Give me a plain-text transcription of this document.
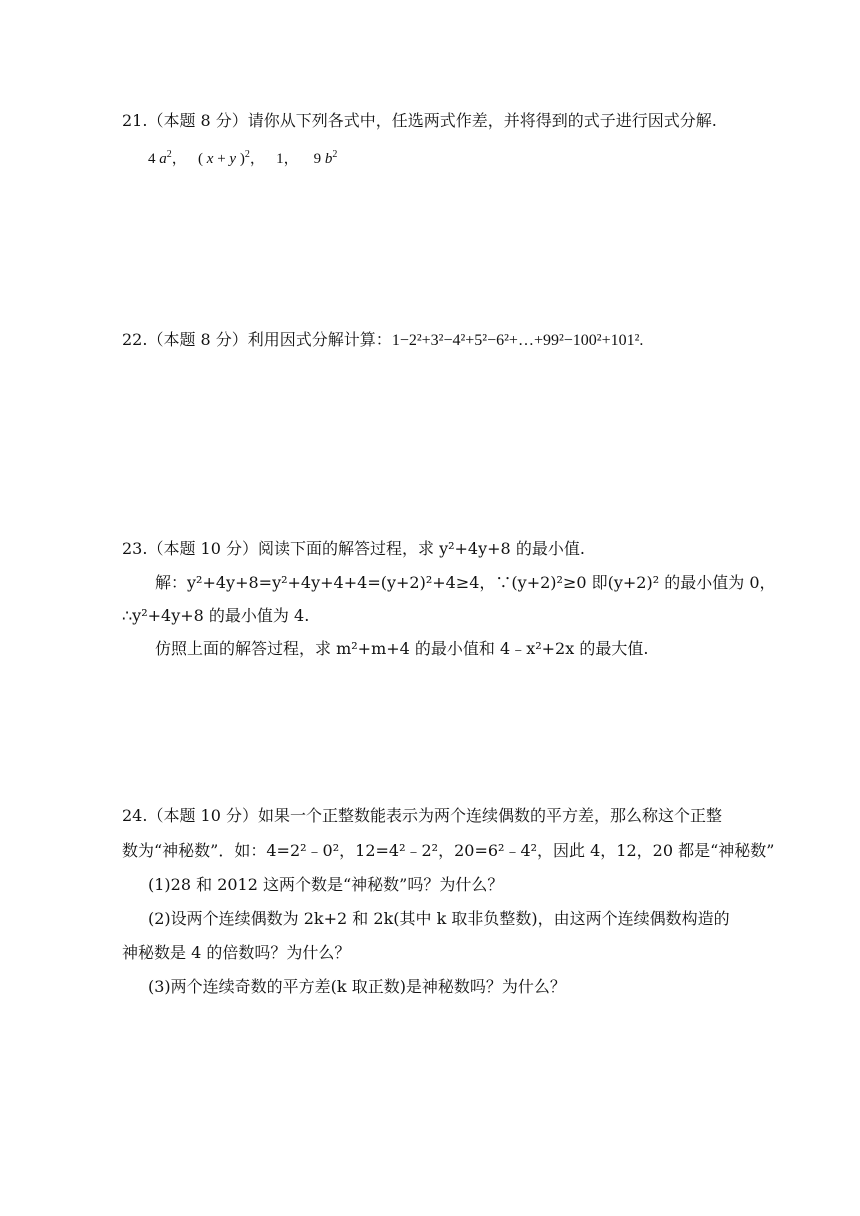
21.（本题 8 分）请你从下列各式中，任选两式作差，并将得到的式子进行因式分解.
4 $a^2$， ( x + y )$^2$， 1， 9 $b^2$
22.（本题 8 分）利用因式分解计算：1−2²+3²−4²+5²−6²+…+99²−100²+101².
23.（本题 10 分）阅读下面的解答过程，求 y²+4y+8 的最小值.
解：y²+4y+8=y²+4y+4+4=(y+2)²+4≥4，∵(y+2)²≥0 即(y+2)² 的最小值为 0，
∴y²+4y+8 的最小值为 4.
仿照上面的解答过程，求 m²+m+4 的最小值和 4﹣x²+2x 的最大值.
24.（本题 10 分）如果一个正整数能表示为两个连续偶数的平方差，那么称这个正整
数为“神秘数”．如：4=2²﹣0²，12=4²﹣2²，20=6²﹣4²，因此 4，12，20 都是“神秘数”
(1)28 和 2012 这两个数是“神秘数”吗？为什么？
(2)设两个连续偶数为 2k+2 和 2k(其中 k 取非负整数)，由这两个连续偶数构造的
神秘数是 4 的倍数吗？为什么？
(3)两个连续奇数的平方差(k 取正数)是神秘数吗？为什么？
